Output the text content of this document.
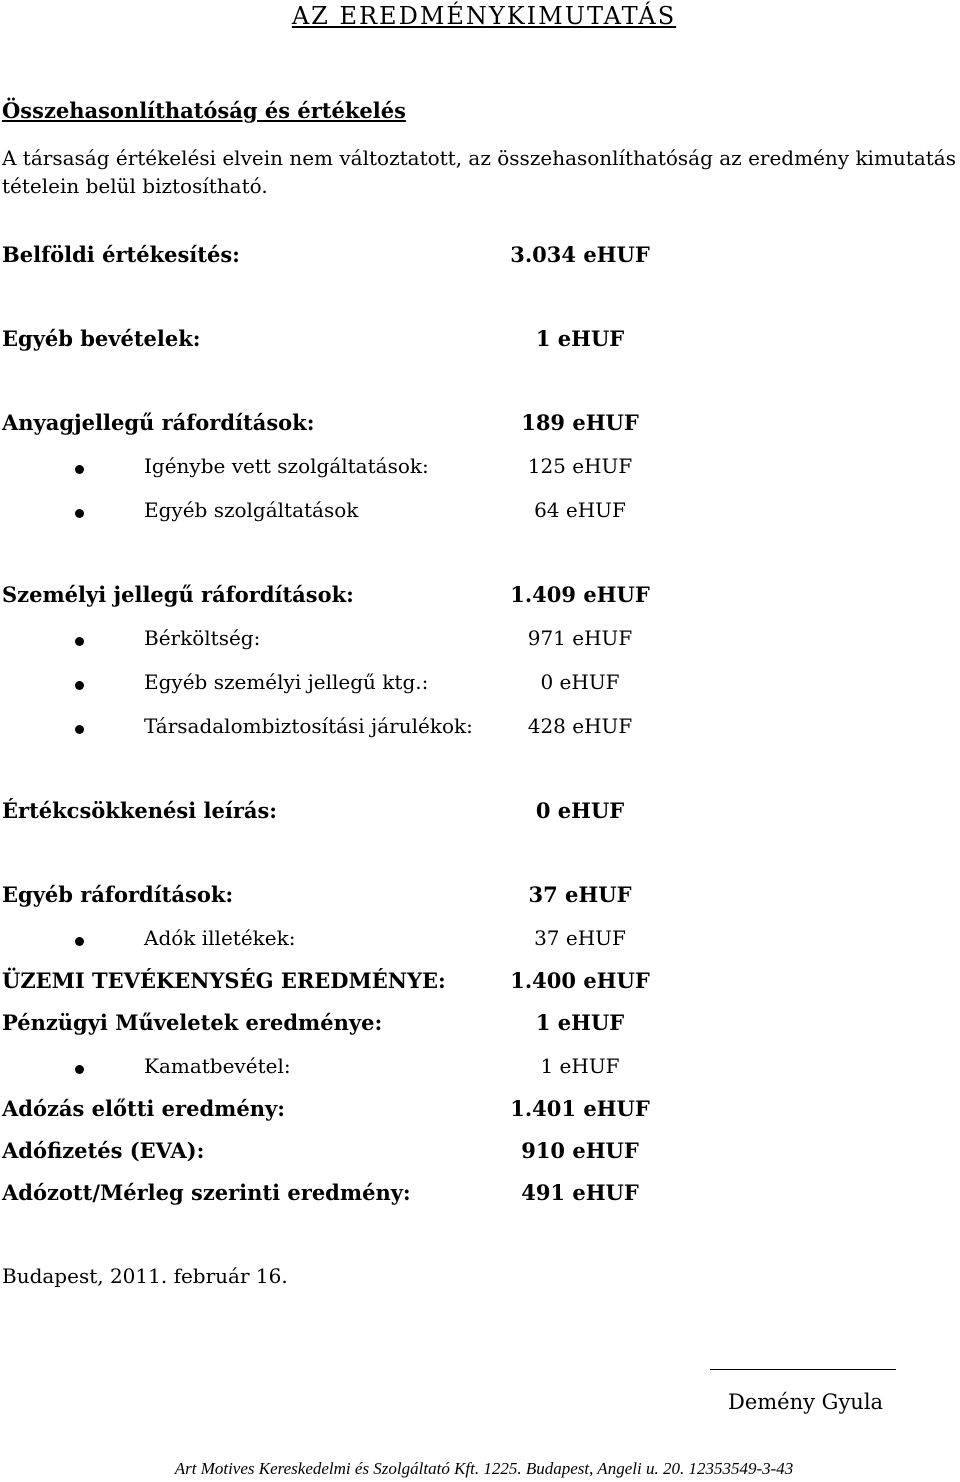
AZ EREDMÉNYKIMUTATÁS
Összehasonlíthatóság és értékelés
A társaság értékelési elvein nem változtatott, az összehasonlíthatóság az eredmény kimutatás tételein belül biztosítható.
Belföldi értékesítés:	3.034 eHUF
Egyéb bevételek:	1 eHUF
Anyagjellegű ráfordítások:	189 eHUF
Igénybe vett szolgáltatások:	125 eHUF
Egyéb szolgáltatások	64 eHUF
Személyi jellegű ráfordítások:	1.409 eHUF
Bérköltség:	971 eHUF
Egyéb személyi jellegű ktg.:	0 eHUF
Társadalombiztosítási járulékok:	428 eHUF
Értékcsökkenési leírás:	0 eHUF
Egyéb ráfordítások:	37 eHUF
Adók illetékek:	37 eHUF
ÜZEMI TEVÉKENYSÉG EREDMÉNYE:	1.400 eHUF
Pénzügyi Műveletek eredménye:	1 eHUF
Kamatbevétel:	1 eHUF
Adózás előtti eredmény:	1.401 eHUF
Adófizetés (EVA):	910 eHUF
Adózott/Mérleg szerinti eredmény:	491 eHUF
Budapest, 2011. február 16.
Demény Gyula
Art Motives Kereskedelmi és Szolgáltató Kft. 1225. Budapest, Angeli u. 20. 12353549-3-43
